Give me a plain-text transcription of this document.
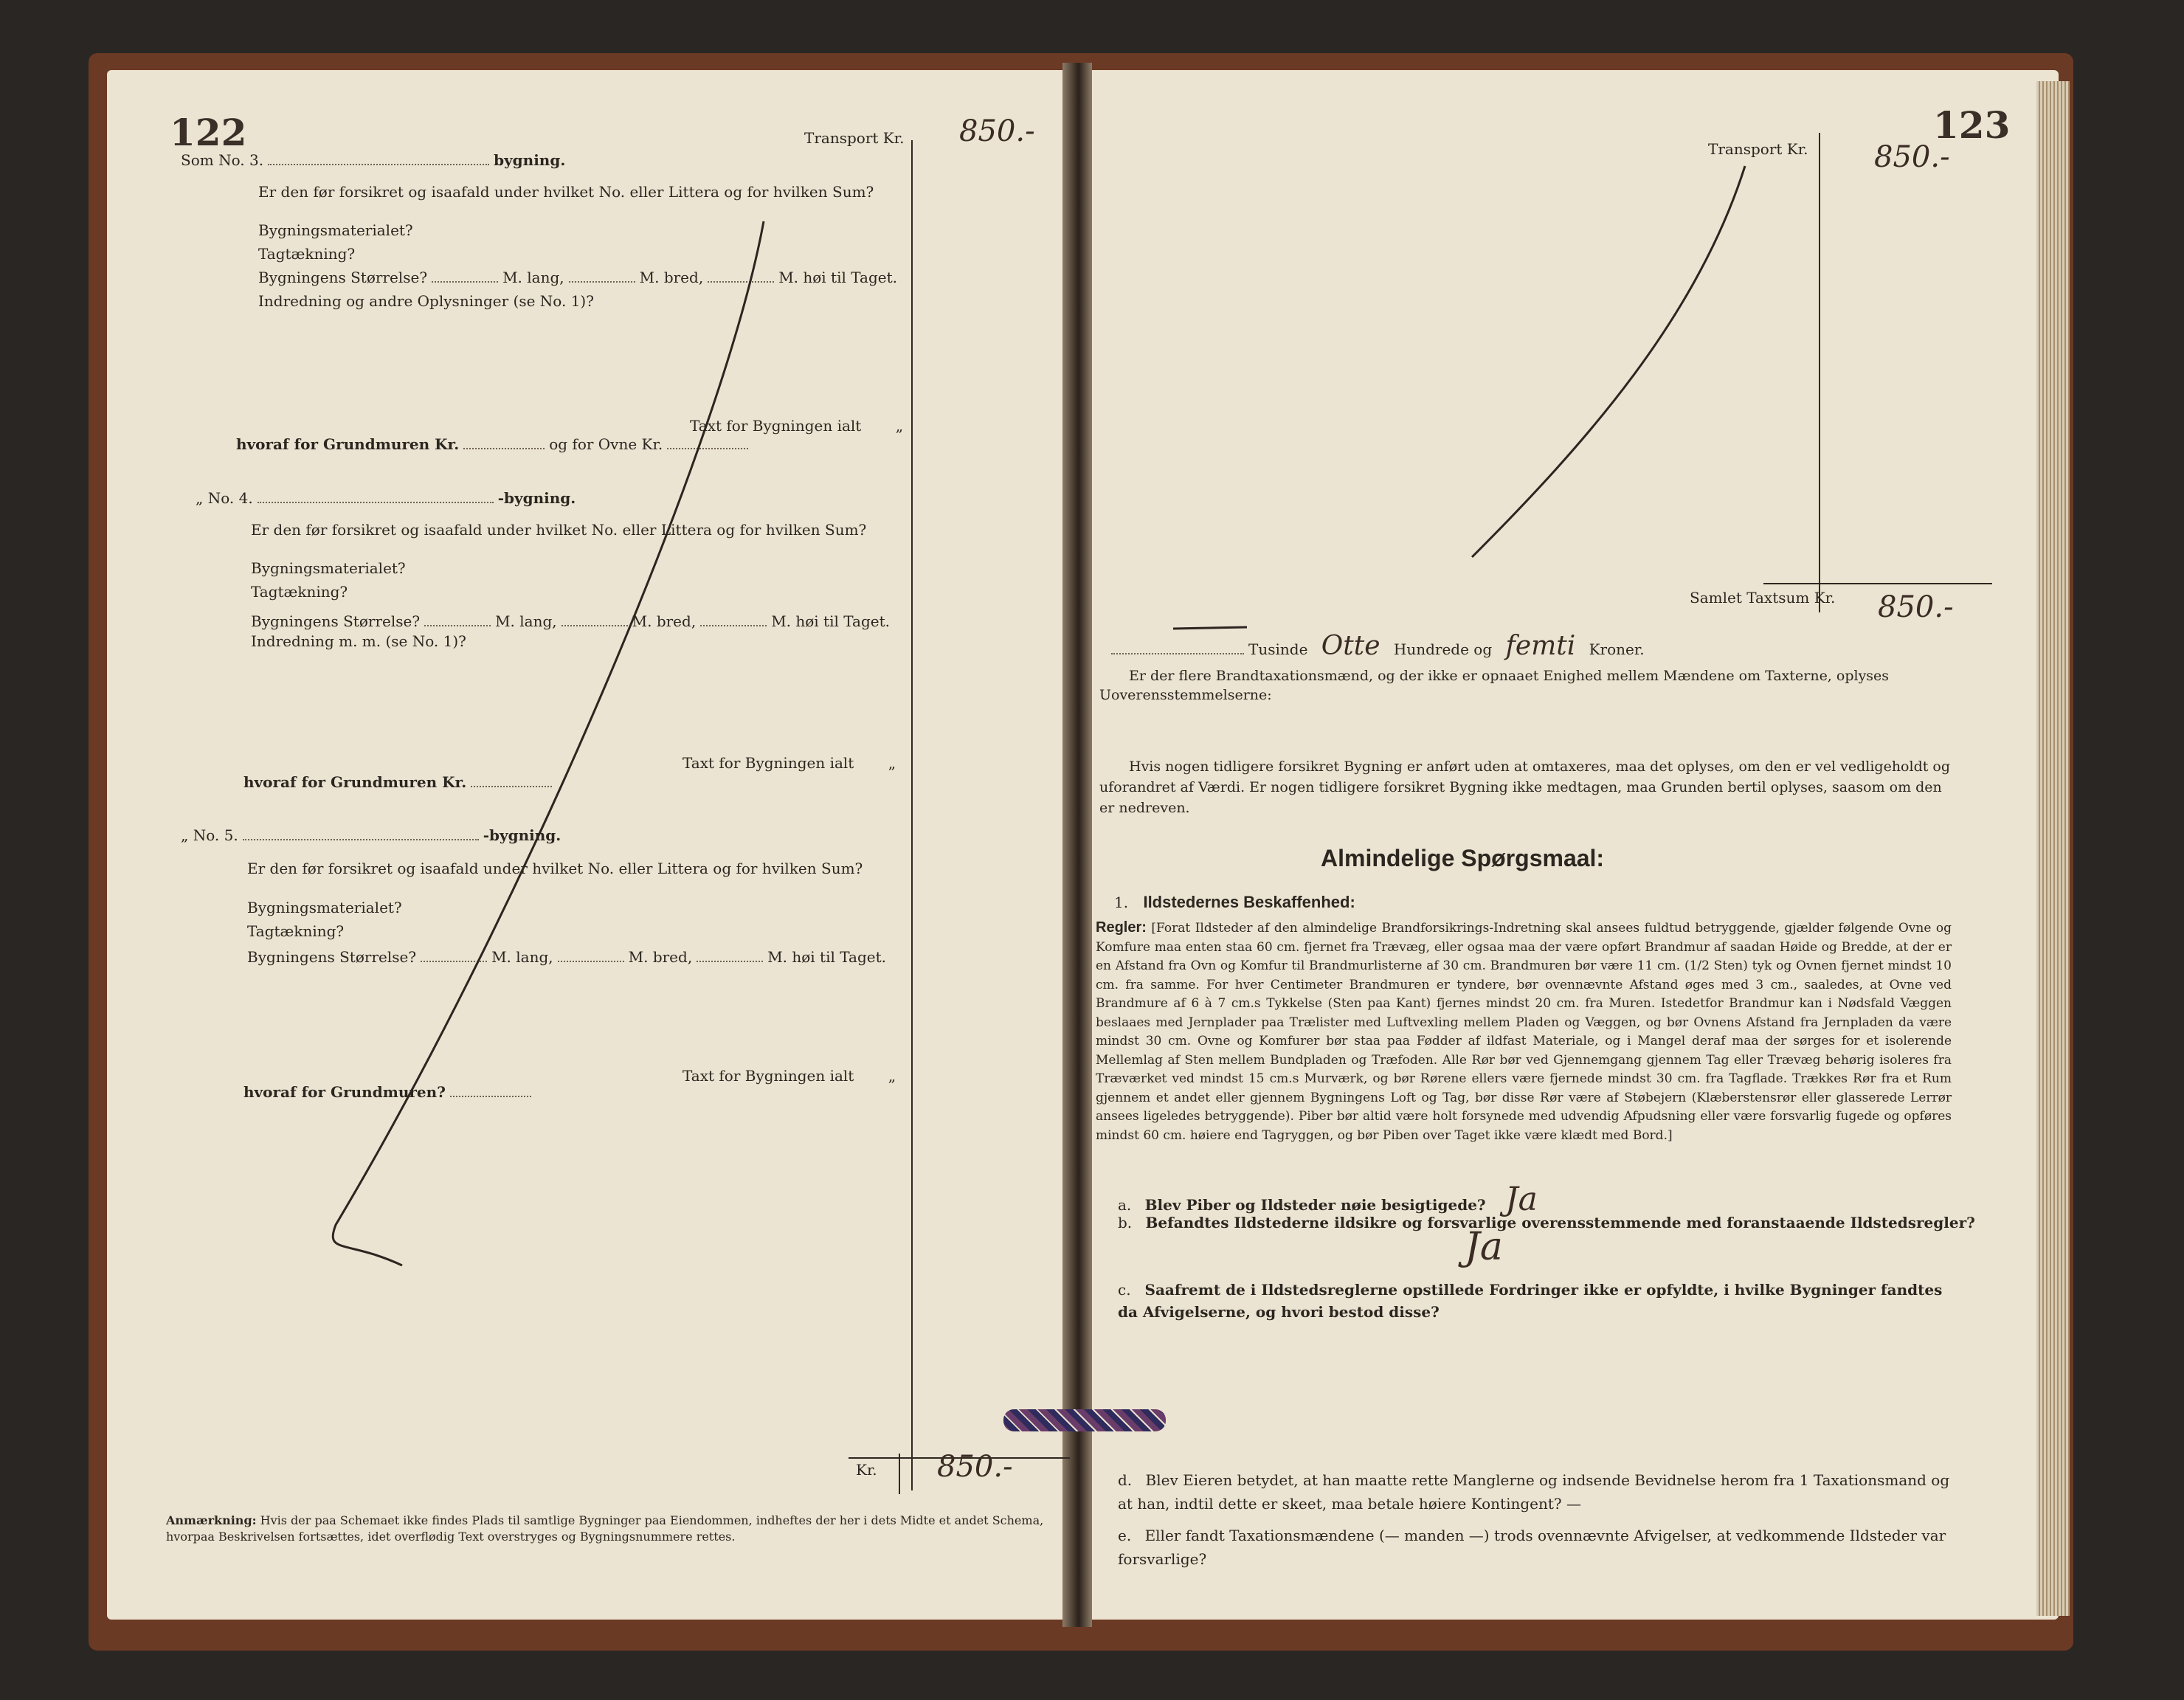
122	Transport Kr. 850.-
Som No. 3.	bygning.
Er den før forsikret og isaafald under hvilket No. eller Littera og for hvilken Sum?
Bygningsmaterialet?
Tagtækning?
Bygningens Størrelse?	M. lang,	M. bred,	M. høi til Taget.
Indredning og andre Oplysninger (se No. 1)?
Taxt for Bygningen ialt „
hvoraf for Grundmuren Kr.	og for Ovne Kr.
„ No. 4.	-bygning.
Er den før forsikret og isaafald under hvilket No. eller Littera og for hvilken Sum?
Bygningsmaterialet?
Tagtækning?
Bygningens Størrelse?	M. lang,	M. bred,	M. høi til Taget.
Indredning m. m. (se No. 1)?
Taxt for Bygningen ialt „
hvoraf for Grundmuren Kr.
„ No. 5.	-bygning.
Er den før forsikret og isaafald under hvilket No. eller Littera og for hvilken Sum?
Bygningsmaterialet?
Tagtækning?
Bygningens Størrelse?	M. lang,	M. bred,	M. høi til Taget.
Taxt for Bygningen ialt „
hvoraf for Grundmuren?
Kr. 850.-
Anmærkning: Hvis der paa Schemaet ikke findes Plads til samtlige Bygninger paa Eiendommen, indheftes der her i dets Midte et andet Schema, hvorpaa Beskrivelsen fortsættes, idet overflødig Text overstryges og Bygningsnummere rettes.
123
Transport Kr. 850.-
Samlet Taxtsum Kr. 850.-
Tusinde Otte Hundrede og femti Kroner.
Er der flere Brandtaxationsmænd, og der ikke er opnaaet Enighed mellem Mændene om Taxterne, oplyses Uoverensstemmelserne:
Hvis nogen tidligere forsikret Bygning er anført uden at omtaxeres, maa det oplyses, om den er vel vedligeholdt og uforandret af Værdi. Er nogen tidligere forsikret Bygning ikke medtagen, maa Grunden bertil oplyses, saasom om den er nedreven.
Almindelige Spørgsmaal:
1. Ildstedernes Beskaffenhed:
Regler: [Forat Ildsteder af den almindelige Brandforsikrings-Indretning skal ansees fuldtud betryggende, gjælder følgende Ovne og Komfure maa enten staa 60 cm. fjernet fra Trævæg, eller ogsaa maa der være opført Brandmur af saadan Høide og Bredde, at der er en Afstand fra Ovn og Komfur til Brandmurlisterne af 30 cm. Brandmuren bør være 11 cm. (1/2 Sten) tyk og Ovnen fjernet mindst 10 cm. fra samme. For hver Centimeter Brandmuren er tyndere, bør ovennævnte Afstand øges med 3 cm., saaledes, at Ovne ved Brandmure af 6 à 7 cm.s Tykkelse (Sten paa Kant) fjernes mindst 20 cm. fra Muren. Istedetfor Brandmur kan i Nødsfald Væggen beslaaes med Jernplader paa Trælister med Luftvexling mellem Pladen og Væggen, og bør Ovnens Afstand fra Jernpladen da være mindst 30 cm. Ovne og Komfurer bør staa paa Fødder af ildfast Materiale, og i Mangel deraf maa der sørges for et isolerende Mellemlag af Sten mellem Bundpladen og Træfoden. Alle Rør bør ved Gjennemgang gjennem Tag eller Trævæg behørig isoleres fra Træværket ved mindst 15 cm.s Murværk, og bør Rørene ellers være fjernede mindst 30 cm. fra Tagflade. Trækkes Rør fra et Rum gjennem et andet eller gjennem Bygningens Loft og Tag, bør disse Rør være af Støbejern (Klæberstensrør eller glasserede Lerrør ansees ligeledes betryggende). Piber bør altid være holt forsynede med udvendig Afpudsning eller være forsvarlig fugede og opføres mindst 60 cm. høiere end Tagryggen, og bør Piben over Taget ikke være klædt med Bord.]
a. Blev Piber og Ildsteder nøie besigtigede? Ja
b. Befandtes Ildstederne ildsikre og forsvarlige overensstemmende med foranstaaende Ildstedsregler?
Ja
c. Saafremt de i Ildstedsreglerne opstillede Fordringer ikke er opfyldte, i hvilke Bygninger fandtes da Afvigelserne, og hvori bestod disse?
d. Blev Eieren betydet, at han maatte rette Manglerne og indsende Bevidnelse herom fra 1 Taxationsmand og at han, indtil dette er skeet, maa betale høiere Kontingent? —
e. Eller fandt Taxationsmændene (— manden —) trods ovennævnte Afvigelser, at vedkommende Ildsteder var forsvarlige?
